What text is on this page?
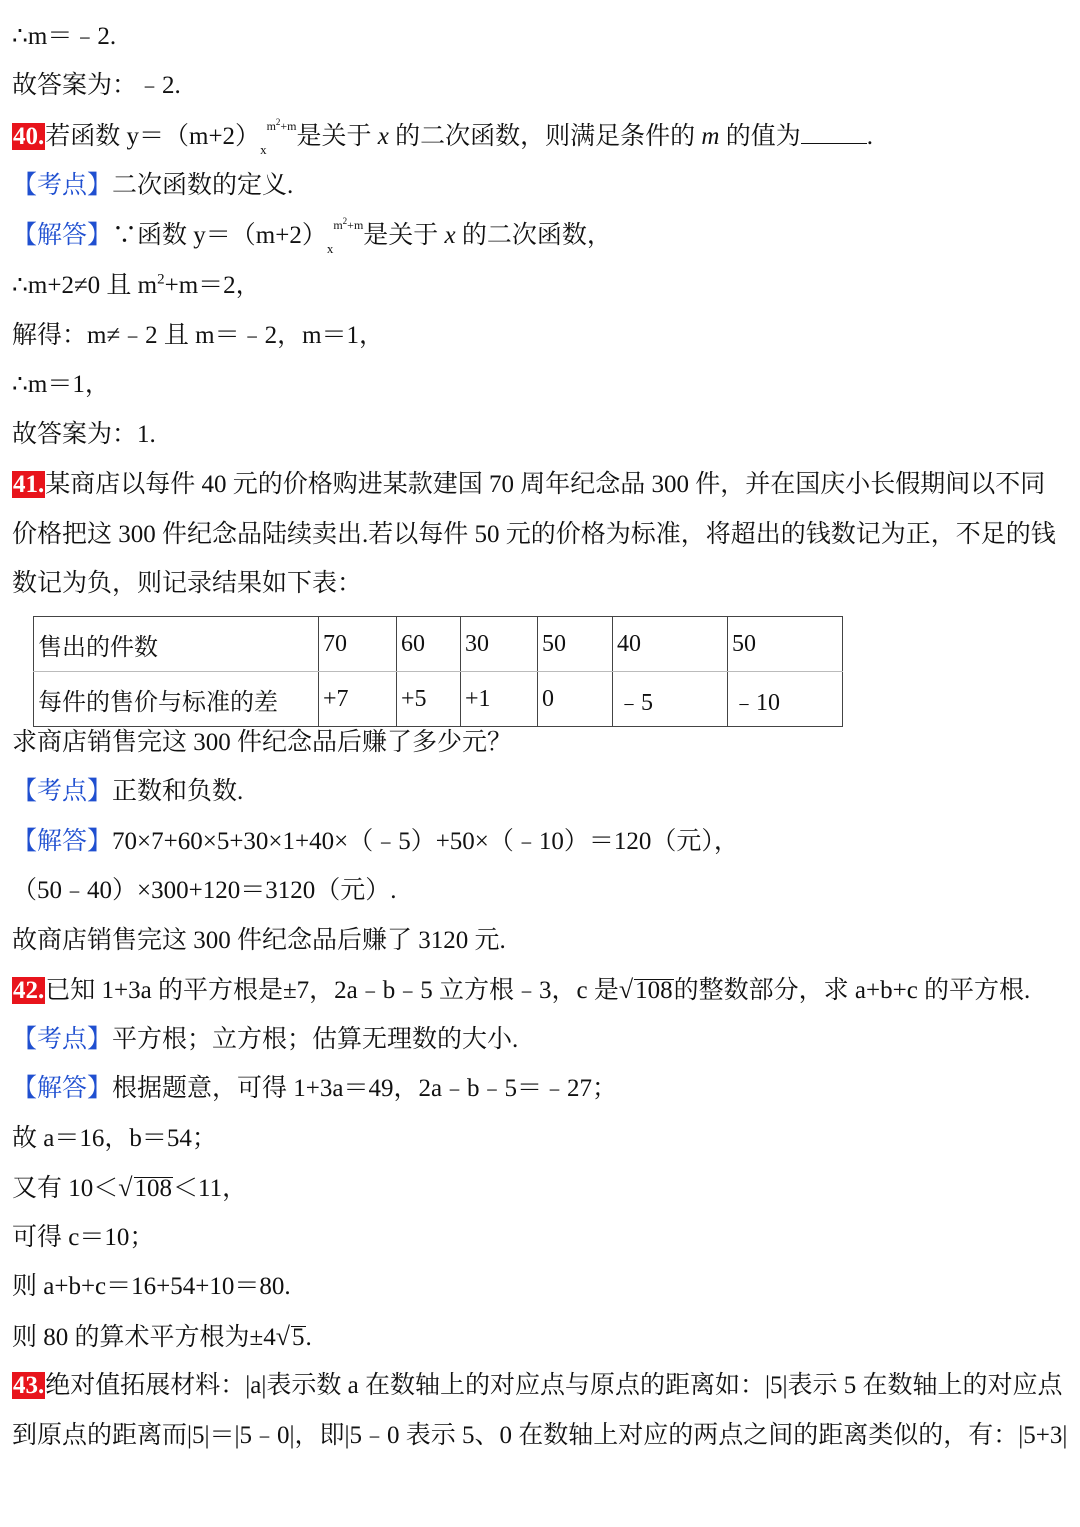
∴m＝﹣2.
故答案为：﹣2.
40.若函数 $y=(m+2)_x^{m^2+m}$是关于 x 的二次函数，则满足条件的 m 的值为	.
【考点】二次函数的定义.
【解答】∵函数 $y=(m+2)_x^{m^2+m}$是关于 x 的二次函数，
∴m+2≠0 且 $m^2+m=2$，
解得：m≠﹣2 且 m＝﹣2，m＝1，
∴m＝1，
故答案为：1.
41.某商店以每件 40 元的价格购进某款建国 70 周年纪念品 300 件，并在国庆小长假期间以不同
价格把这 300 件纪念品陆续卖出.若以每件 50 元的价格为标准，将超出的钱数记为正，不足的钱
数记为负，则记录结果如下表：
售出的件数	70	60	30	50	40	50
每件的售价与标准的差	+7	+5	+1	0	﹣5	﹣10
求商店销售完这 300 件纪念品后赚了多少元？
【考点】正数和负数.
【解答】70×7+60×5+30×1+40×（﹣5）+50×（﹣10）＝120（元），
（50﹣40）×300+120＝3120（元）.
故商店销售完这 300 件纪念品后赚了 3120 元.
42.已知 1+3a 的平方根是±7，2a﹣b﹣5 立方根﹣3，c 是√108的整数部分，求 a+b+c 的平方根.
【考点】平方根；立方根；估算无理数的大小.
【解答】根据题意，可得 1+3a＝49，2a﹣b﹣5＝﹣27；
故 a＝16，b＝54；
又有 10＜√108＜11，
可得 c＝10；
则 a+b+c＝16+54+10＝80.
则 80 的算术平方根为±4√5.
43.绝对值拓展材料：|a|表示数 a 在数轴上的对应点与原点的距离如：|5|表示 5 在数轴上的对应点
到原点的距离而|5|＝|5﹣0|，即|5﹣0 表示 5、0 在数轴上对应的两点之间的距离类似的，有：|5+3|
